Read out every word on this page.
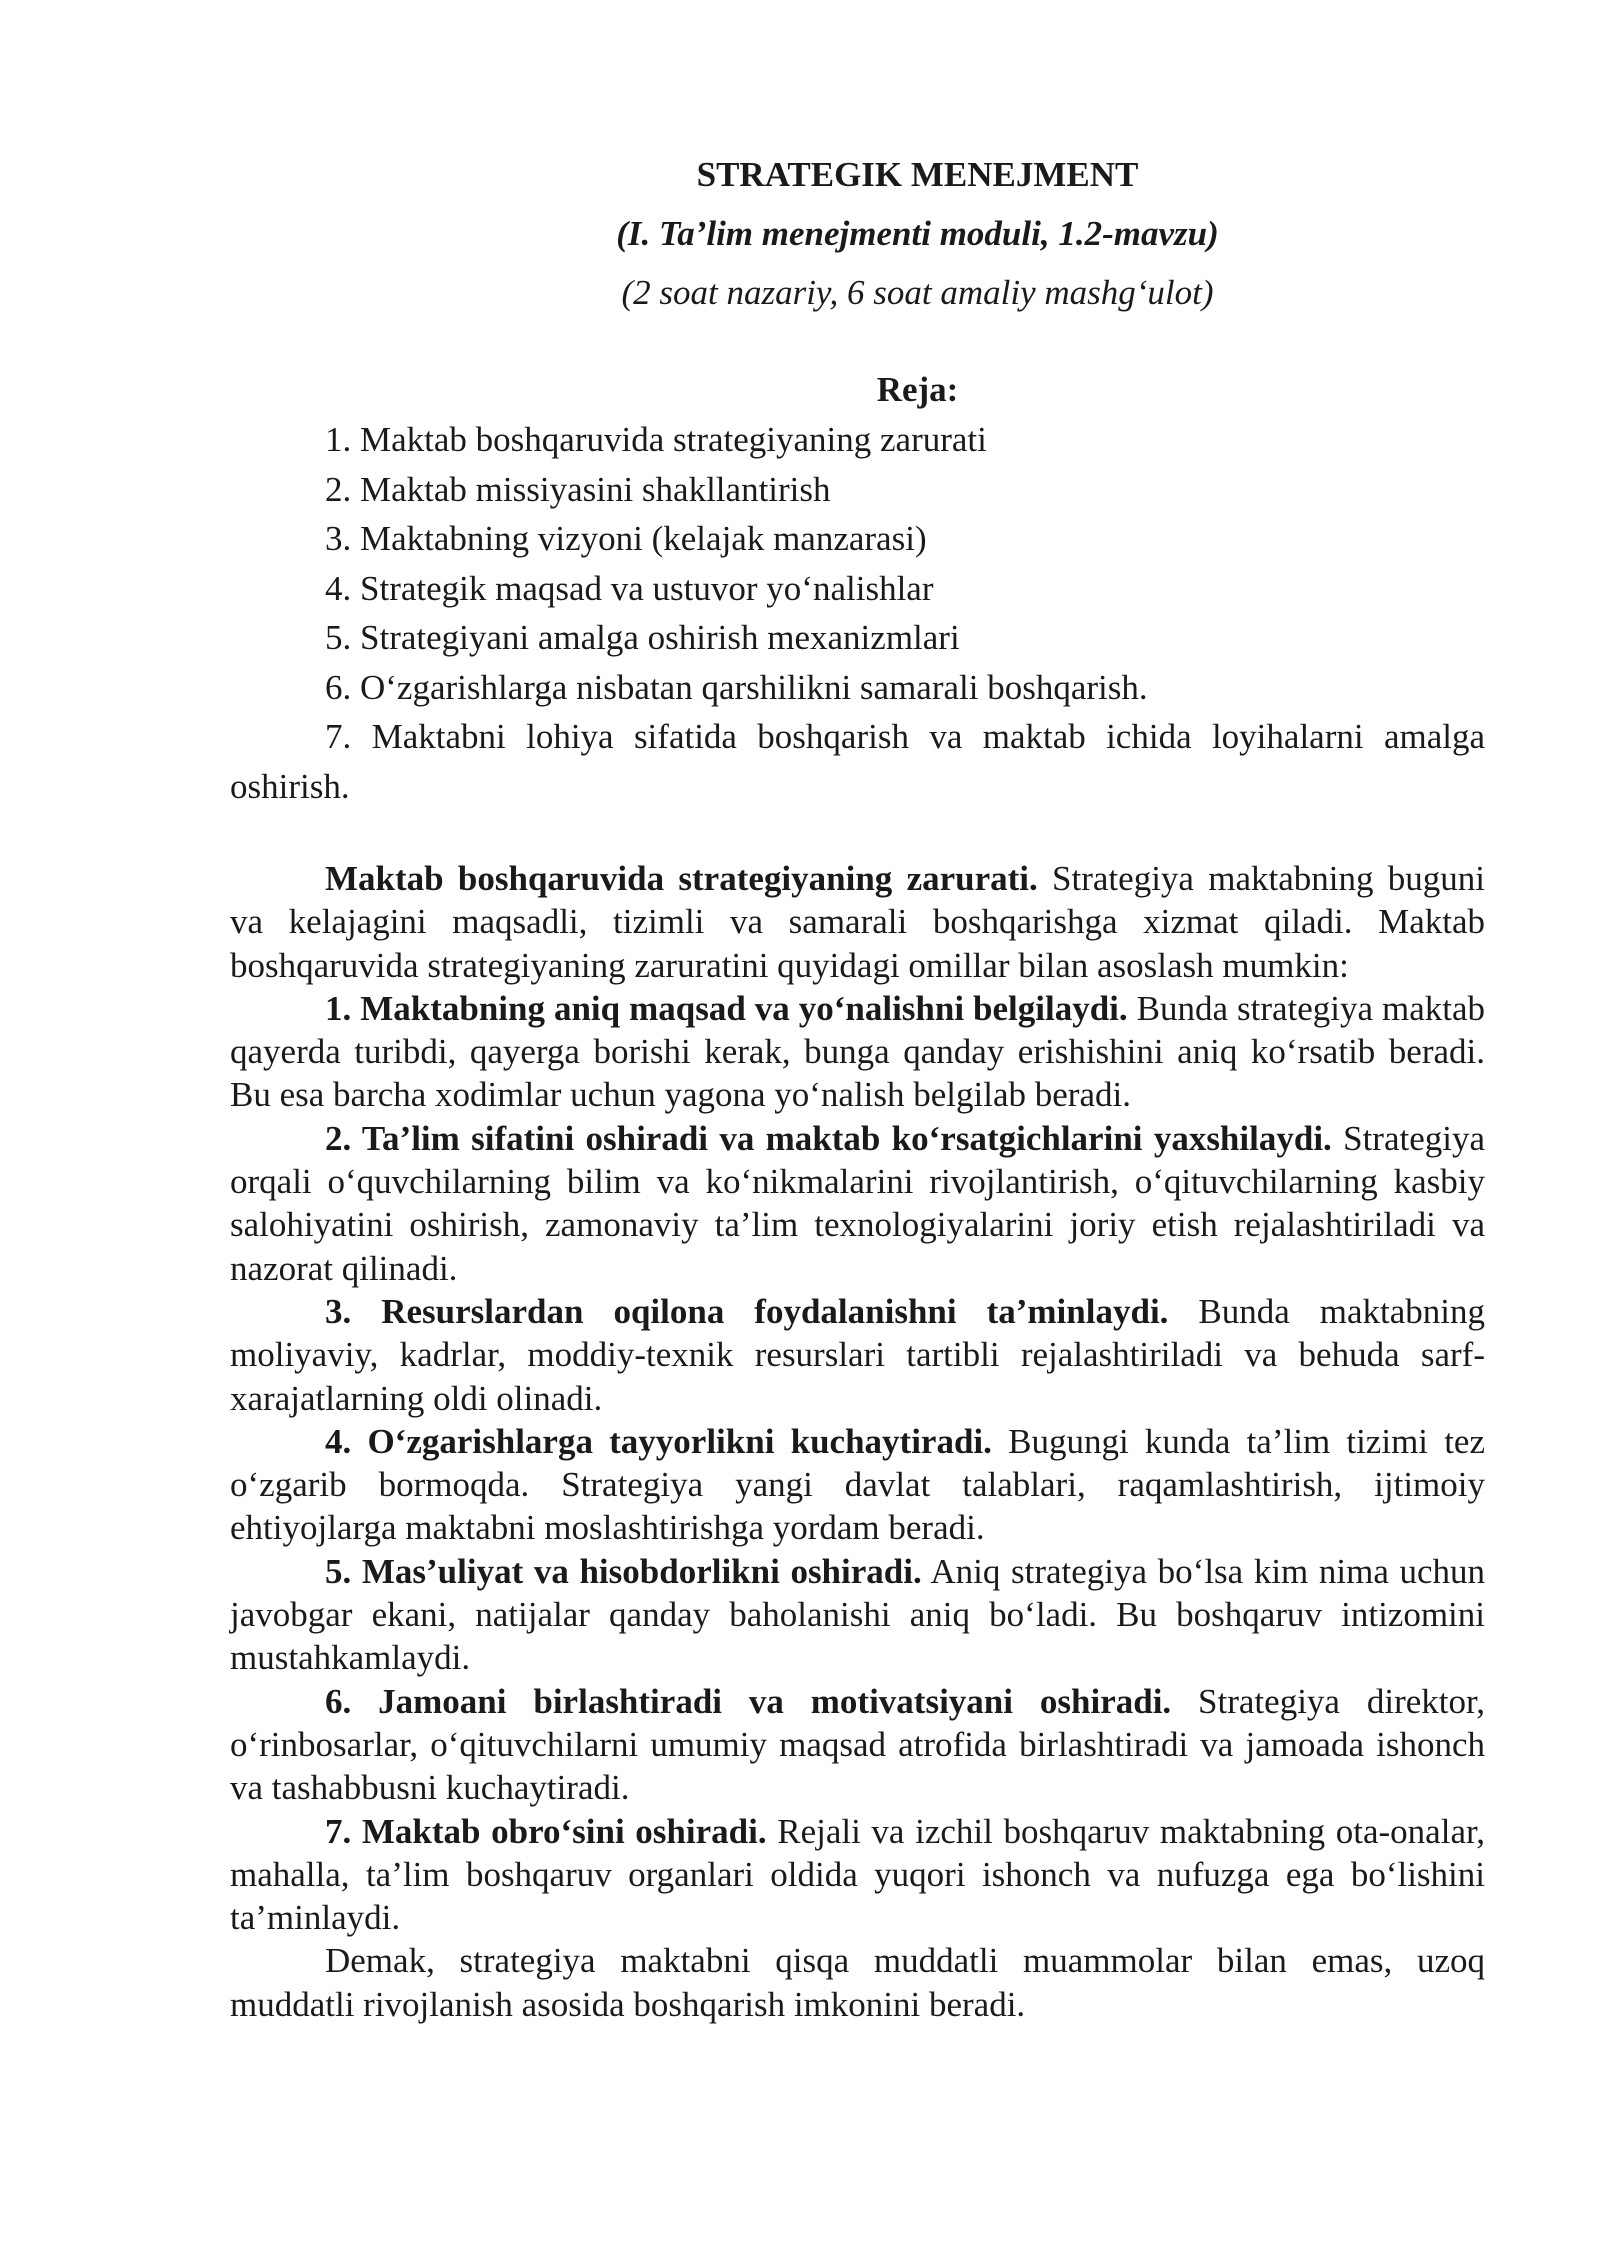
STRATEGIK MENEJMENT

(I. Ta’lim menejmenti moduli, 1.2-mavzu)

(2 soat nazariy, 6 soat amaliy mashg‘ulot)

Reja:

1. Maktab boshqaruvida strategiyaning zarurati
2. Maktab missiyasini shakllantirish
3. Maktabning vizyoni (kelajak manzarasi)
4. Strategik maqsad va ustuvor yo‘nalishlar
5. Strategiyani amalga oshirish mexanizmlari
6. O‘zgarishlarga nisbatan qarshilikni samarali boshqarish.
7. Maktabni lohiya sifatida boshqarish va maktab ichida loyihalarni amalga oshirish.

Maktab boshqaruvida strategiyaning zarurati. Strategiya maktabning buguni va kelajagini maqsadli, tizimli va samarali boshqarishga xizmat qiladi. Maktab boshqaruvida strategiyaning zaruratini quyidagi omillar bilan asoslash mumkin:

1. Maktabning aniq maqsad va yo‘nalishni belgilaydi. Bunda strategiya maktab qayerda turibdi, qayerga borishi kerak, bunga qanday erishishini aniq ko‘rsatib beradi. Bu esa barcha xodimlar uchun yagona yo‘nalish belgilab beradi.

2. Ta’lim sifatini oshiradi va maktab ko‘rsatgichlarini yaxshilaydi. Strategiya orqali o‘quvchilarning bilim va ko‘nikmalarini rivojlantirish, o‘qituvchilarning kasbiy salohiyatini oshirish, zamonaviy ta’lim texnologiyalarini joriy etish rejalashtiriladi va nazorat qilinadi.

3. Resurslardan oqilona foydalanishni ta’minlaydi. Bunda maktabning moliyaviy, kadrlar, moddiy-texnik resurslari tartibli rejalashtiriladi va behuda sarf-xarajatlarning oldi olinadi.

4. O‘zgarishlarga tayyorlikni kuchaytiradi. Bugungi kunda ta’lim tizimi tez o‘zgarib bormoqda. Strategiya yangi davlat talablari, raqamlashtirish, ijtimoiy ehtiyojlarga maktabni moslashtirishga yordam beradi.

5. Mas’uliyat va hisobdorlikni oshiradi. Aniq strategiya bo‘lsa kim nima uchun javobgar ekani, natijalar qanday baholanishi aniq bo‘ladi. Bu boshqaruv intizomini mustahkamlaydi.

6. Jamoani birlashtiradi va motivatsiyani oshiradi. Strategiya direktor, o‘rinbosarlar, o‘qituvchilarni umumiy maqsad atrofida birlashtiradi va jamoada ishonch va tashabbusni kuchaytiradi.

7. Maktab obro‘sini oshiradi. Rejali va izchil boshqaruv maktabning ota-onalar, mahalla, ta’lim boshqaruv organlari oldida yuqori ishonch va nufuzga ega bo‘lishini ta’minlaydi.

Demak, strategiya maktabni qisqa muddatli muammolar bilan emas, uzoq muddatli rivojlanish asosida boshqarish imkonini beradi.
